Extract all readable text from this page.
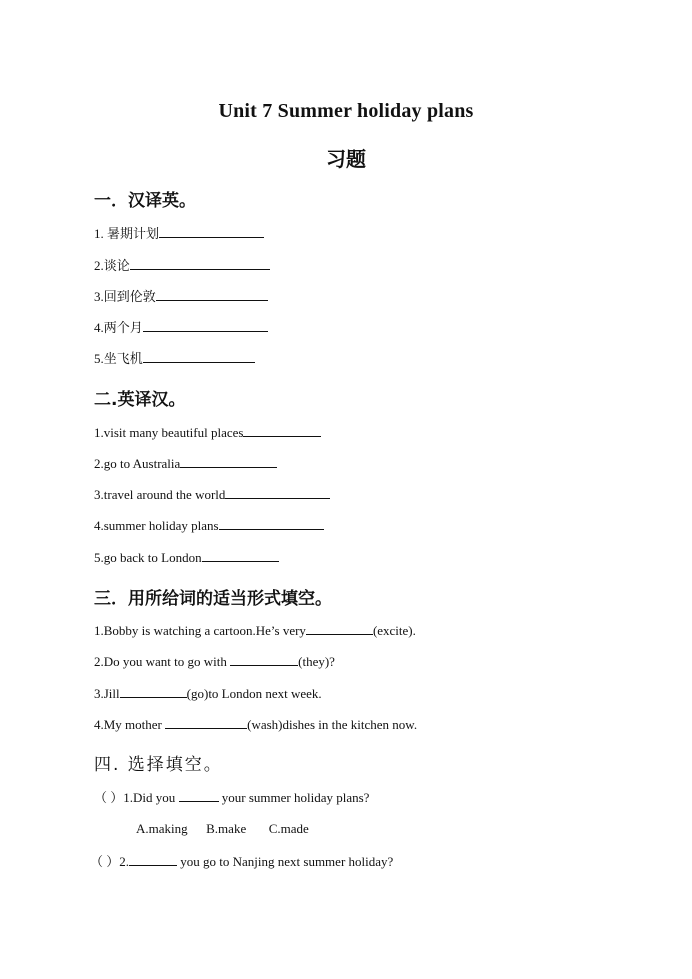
Unit 7 Summer holiday plans
习题
一．汉译英。
1. 暑期计划
2.谈论
3.回到伦敦
4.两个月
5.坐飞机
二.英译汉。
1.visit many beautiful places
2.go to Australia
3.travel around the world
4.summer holiday plans
5.go back to London
三．用所给词的适当形式填空。
1.Bobby is watching a cartoon.He’s very	(excite).
2.Do you want to go with	(they)?
3.Jill	(go)to London next week.
4.My mother	(wash)dishes in the kitchen now.
四. 选择填空。
（ ）1.Did you	your summer holiday plans?
A.making B.make C.made
（ ）2.	you go to Nanjing next summer holiday?
